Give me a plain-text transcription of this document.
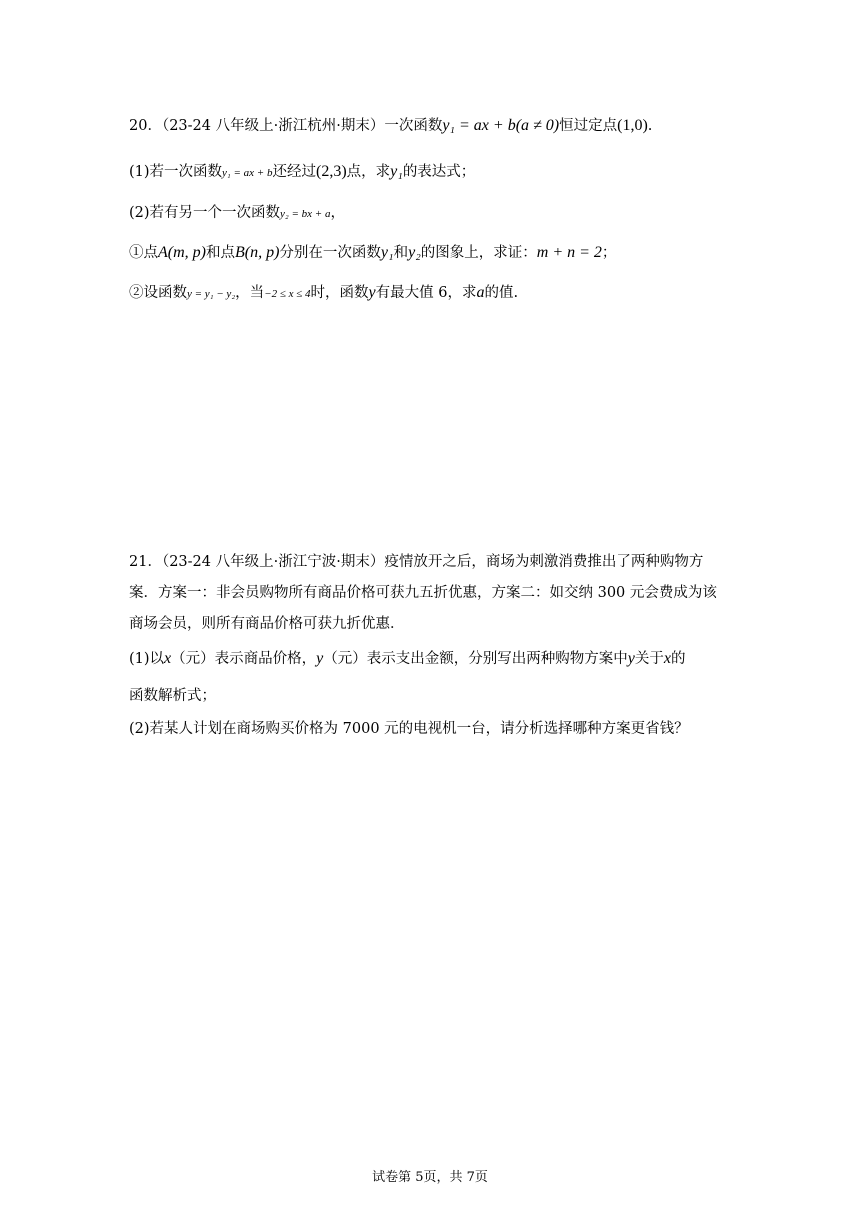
20．（23-24 八年级上·浙江杭州·期末）一次函数y₁ = ax + b(a ≠ 0)恒过定点(1,0).
(1)若一次函数y₁ = ax + b还经过(2,3)点，求y₁的表达式；
(2)若有另一个一次函数y₂ = bx + a，
①点A(m, p)和点B(n, p)分别在一次函数y₁和y₂的图象上，求证：m + n = 2；
②设函数y = y₁ − y₂，当−2 ≤ x ≤ 4时，函数y有最大值 6，求a的值.
21．（23-24 八年级上·浙江宁波·期末）疫情放开之后，商场为刺激消费推出了两种购物方
案．方案一：非会员购物所有商品价格可获九五折优惠，方案二：如交纳 300 元会费成为该
商场会员，则所有商品价格可获九折优惠．
(1)以x（元）表示商品价格，y（元）表示支出金额，分别写出两种购物方案中y关于x的
函数解析式；
(2)若某人计划在商场购买价格为 7000 元的电视机一台，请分析选择哪种方案更省钱？
试卷第 5页，共 7页
